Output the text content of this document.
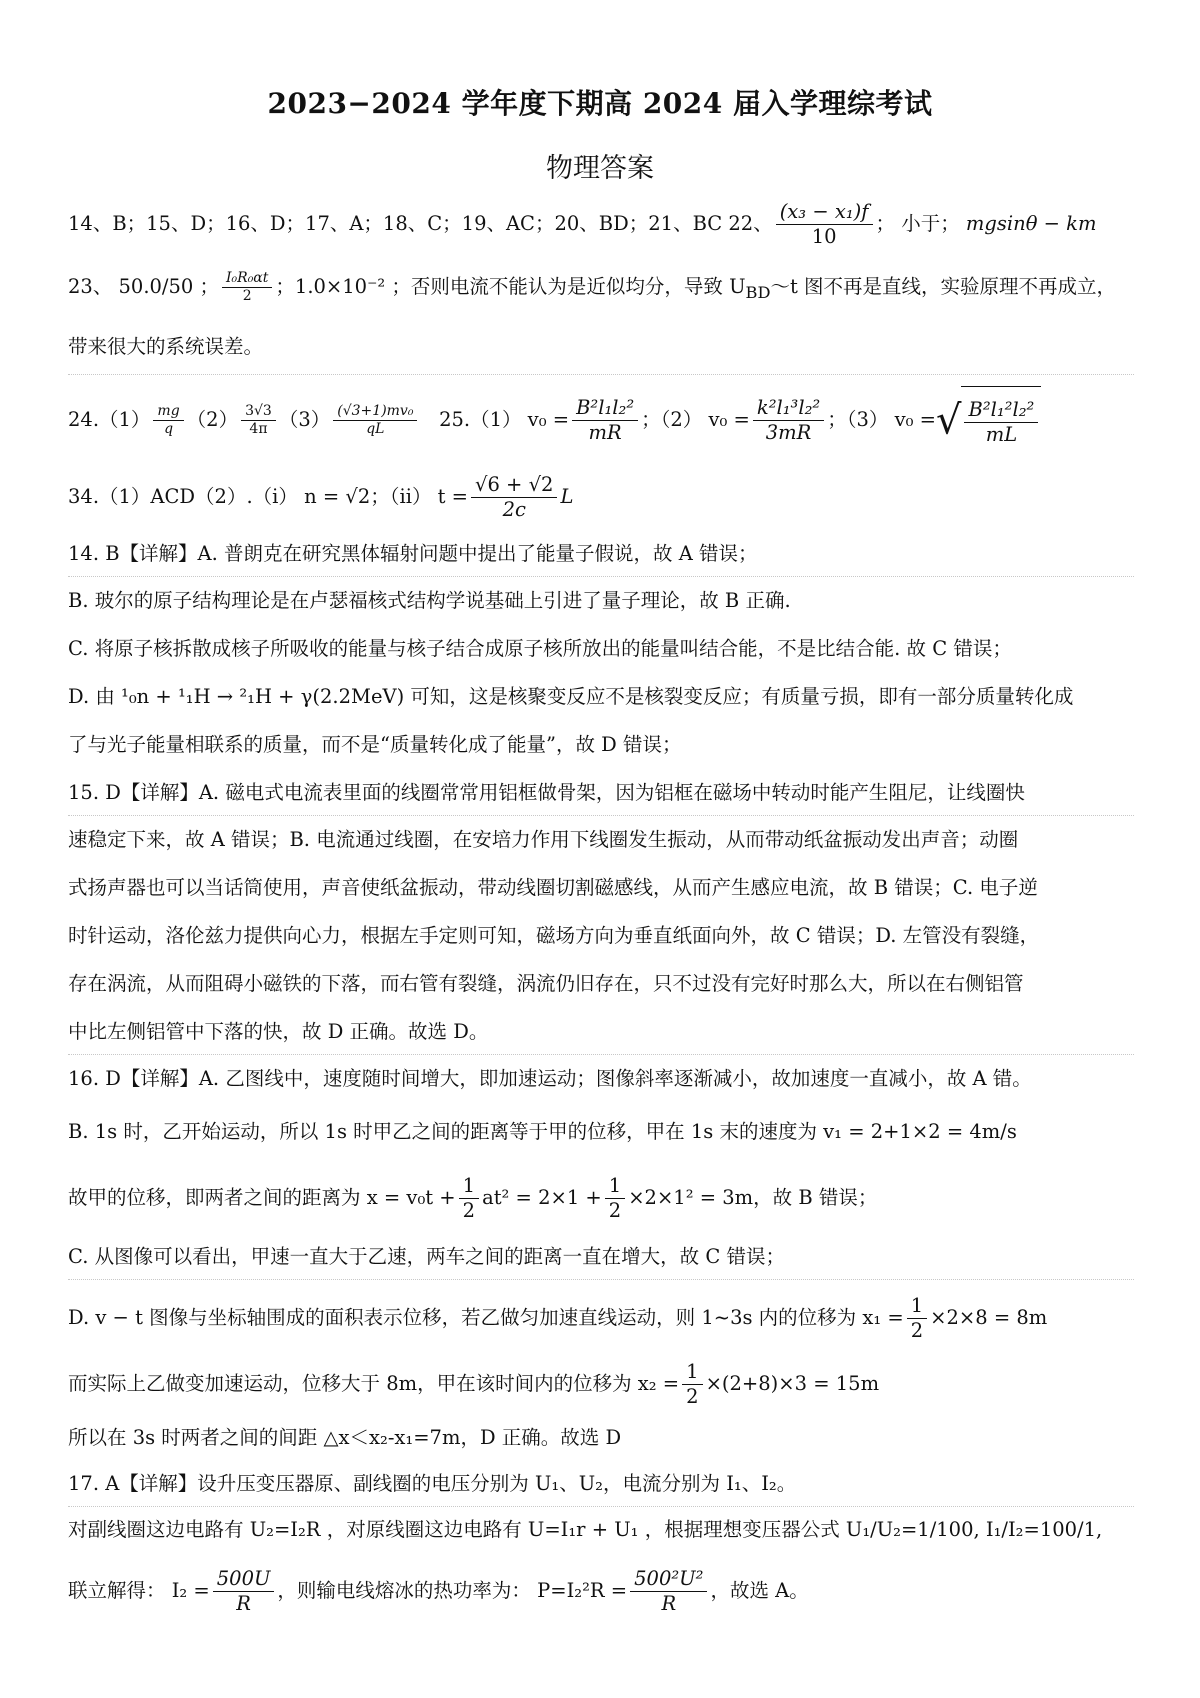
2023−2024 学年度下期高 2024 届入学理综考试
物理答案
14、B；15、D；16、D；17、A；18、C；19、AC；20、BD；21、BC 22、 $\frac{\text{(x₃ − x₁)f}}{10}$ ； 小于； mgsinθ − km
23、 50.0/50 ； $\frac{\text{I₀R₀αt}}{2}$ ；1.0×10⁻² ；否则电流不能认为是近似均分，导致 $U_{BD}\sim t$ 图不再是直线，实验原理不再成立，
带来很大的系统误差。
$24.(1) \frac{mg}{q} (2) \frac{3√3}{4\pi} (3) \frac{\text{(√3+1)mv₀}}{qL} 25.(1) v_0 = \frac{\text{B²l₁l₂²}}{mR}$ ；（2） $v_0 = \frac{\text{k²l₁³l₂²}}{3mR}$ ；（3） v₀ =√ $\frac{\text{B²l₁²l₂²}}{mL}$
34.（1）ACD（2）.（i） n = √2；（ii） $t = \frac{√6 + √2}{2c}$ L
14. B【详解】A. 普朗克在研究黑体辐射问题中提出了能量子假说，故 A 错误；
B. 玻尔的原子结构理论是在卢瑟福核式结构学说基础上引进了量子理论，故 B 正确.
C. 将原子核拆散成核子所吸收的能量与核子结合成原子核所放出的能量叫结合能，不是比结合能. 故 C 错误；
D. 由 ¹₀n + ¹₁H → ²₁H + γ(2.2MeV) 可知，这是核聚变反应不是核裂变反应；有质量亏损，即有一部分质量转化成
了与光子能量相联系的质量，而不是“质量转化成了能量”，故 D 错误；
15. D【详解】A. 磁电式电流表里面的线圈常常用铝框做骨架，因为铝框在磁场中转动时能产生阻尼，让线圈快
速稳定下来，故 A 错误；B. 电流通过线圈，在安培力作用下线圈发生振动，从而带动纸盆振动发出声音；动圈
式扬声器也可以当话筒使用，声音使纸盆振动，带动线圈切割磁感线，从而产生感应电流，故 B 错误；C. 电子逆
时针运动，洛伦兹力提供向心力，根据左手定则可知，磁场方向为垂直纸面向外，故 C 错误；D. 左管没有裂缝，
存在涡流，从而阻碍小磁铁的下落，而右管有裂缝，涡流仍旧存在，只不过没有完好时那么大，所以在右侧铝管
中比左侧铝管中下落的快，故 D 正确。故选 D。
16. D【详解】A. 乙图线中，速度随时间增大，即加速运动；图像斜率逐渐减小，故加速度一直减小，故 A 错。
B. 1s 时，乙开始运动，所以 1s 时甲乙之间的距离等于甲的位移，甲在 1s 末的速度为 v₁ = 2+1×2 = 4m/s
故甲的位移，即两者之间的距离为 $x = v_0t + \frac{1}{2} at^2 = 2\times 1 + \frac{1}{2} \times 2\times 1^2 = 3m$，故 B 错误；
C. 从图像可以看出，甲速一直大于乙速，两车之间的距离一直在增大，故 C 错误；
D. v − t 图像与坐标轴围成的面积表示位移，若乙做匀加速直线运动，则 1~3s 内的位移为 $x_1 = \frac{1}{2} \times 2\times 8 = 8m$
而实际上乙做变加速运动，位移大于 8m，甲在该时间内的位移为 $x_2 = \frac{1}{2} \times(2+8)\times 3 = 15m$
所以在 3s 时两者之间的间距 △x＜x₂-x₁=7m，D 正确。故选 D
17. A【详解】设升压变压器原、副线圈的电压分别为 U₁、U₂，电流分别为 I₁、I₂。
对副线圈这边电路有 U₂=I₂R ，对原线圈这边电路有 U=I₁r + U₁ ，根据理想变压器公式 U₁/U₂=1/100, I₁/I₂=100/1,
联立解得： $I_2 = \frac{500U}{R}$ ，则输电线熔冰的热功率为： $P=I_2^2R = \frac{\text{500²U²}}{R}$ ，故选 A。
